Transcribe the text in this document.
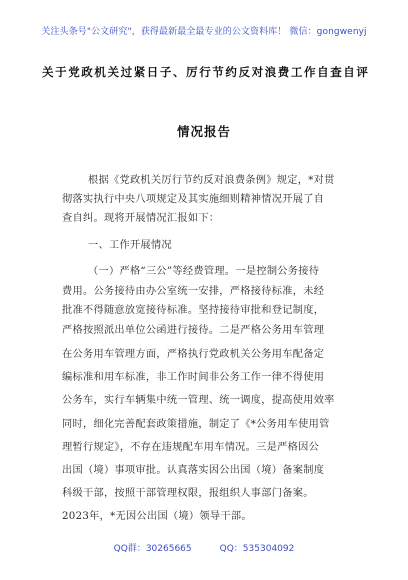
关注头条号"公文研究"，获得最新最全最专业的公文资料库！ 微信：gongwenyj
关于党政机关过紧日子、厉行节约反对浪费工作自查自评
情况报告
根据《党政机关厉行节约反对浪费条例》规定，*对贯
彻落实执行中央八项规定及其实施细则精神情况开展了自
查自纠。现将开展情况汇报如下：
一、工作开展情况
（一）严格“三公”等经费管理。一是控制公务接待
费用。公务接待由办公室统一安排，严格接待标准，未经
批准不得随意放宽接待标准。坚持接待审批和登记制度，
严格按照派出单位公函进行接待。二是严格公务用车管理
在公务用车管理方面，严格执行党政机关公务用车配备定
编标准和用车标准，非工作时间非公务工作一律不得使用
公务车，实行车辆集中统一管理、统一调度，提高使用效率
同时，细化完善配套政策措施，制定了《*公务用车使用管
理暂行规定》，不存在违规配车用车情况。三是严格因公
出国（境）事项审批。认真落实因公出国（境）备案制度
科级干部，按照干部管理权限，报组织人事部门备案。
2023年，*无因公出国（境）领导干部。
QQ群：30265665	QQ：535304092
